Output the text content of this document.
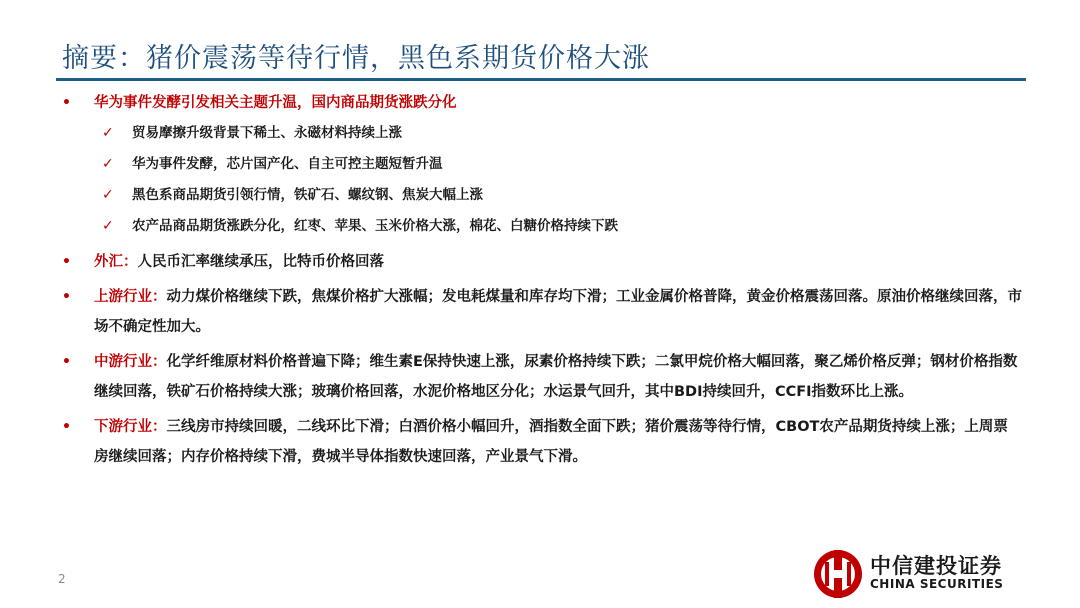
摘要：猪价震荡等待行情，黑色系期货价格大涨
•	华为事件发酵引发相关主题升温，国内商品期货涨跌分化
✓ 贸易摩擦升级背景下稀土、永磁材料持续上涨
✓ 华为事件发酵，芯片国产化、自主可控主题短暂升温
✓ 黑色系商品期货引领行情，铁矿石、螺纹钢、焦炭大幅上涨
✓ 农产品商品期货涨跌分化，红枣、苹果、玉米价格大涨，棉花、白糖价格持续下跌
•	外汇：人民币汇率继续承压，比特币价格回落
•	上游行业：动力煤价格继续下跌，焦煤价格扩大涨幅；发电耗煤量和库存均下滑；工业金属价格普降，黄金价格震荡回落。原油价格继续回落，市场不确定性加大。
•	中游行业：化学纤维原材料价格普遍下降；维生素E保持快速上涨，尿素价格持续下跌；二氯甲烷价格大幅回落，聚乙烯价格反弹；钢材价格指数继续回落，铁矿石价格持续大涨；玻璃价格回落，水泥价格地区分化；水运景气回升，其中BDI持续回升，CCFI指数环比上涨。
•	下游行业：三线房市持续回暖，二线环比下滑；白酒价格小幅回升，酒指数全面下跌；猪价震荡等待行情，CBOT农产品期货持续上涨；上周票房继续回落；内存价格持续下滑，费城半导体指数快速回落，产业景气下滑。
2
中信建投证券
CHINA SECURITIES
